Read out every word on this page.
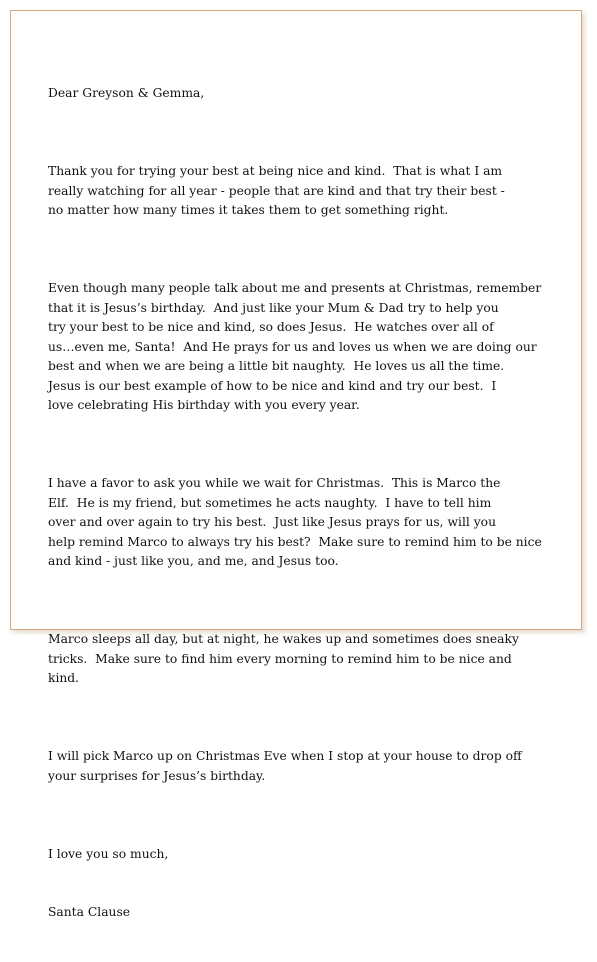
Dear Greyson & Gemma,

Thank you for trying your best at being nice and kind.  That is what I am
really watching for all year - people that are kind and that try their best -
no matter how many times it takes them to get something right.

Even though many people talk about me and presents at Christmas, remember
that it is Jesus’s birthday.  And just like your Mum & Dad try to help you
try your best to be nice and kind, so does Jesus.  He watches over all of
us…even me, Santa!  And He prays for us and loves us when we are doing our
best and when we are being a little bit naughty.  He loves us all the time.
Jesus is our best example of how to be nice and kind and try our best.  I
love celebrating His birthday with you every year.

I have a favor to ask you while we wait for Christmas.  This is Marco the
Elf.  He is my friend, but sometimes he acts naughty.  I have to tell him
over and over again to try his best.  Just like Jesus prays for us, will you
help remind Marco to always try his best?  Make sure to remind him to be nice
and kind - just like you, and me, and Jesus too.

Marco sleeps all day, but at night, he wakes up and sometimes does sneaky
tricks.  Make sure to find him every morning to remind him to be nice and
kind.

I will pick Marco up on Christmas Eve when I stop at your house to drop off
your surprises for Jesus’s birthday.

I love you so much,

Santa Clause
